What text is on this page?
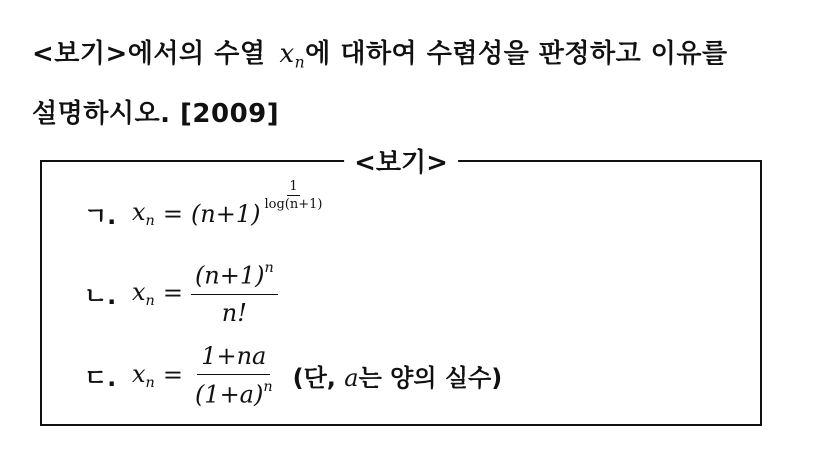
<보기>에서의 수열 $x_n$에 대하여 수렴성을 판정하고 이유를
설명하시오. [2009]
<보기>
ㄱ. $x_n = (n+1)$
$\frac{1}{\log(n+1)}$
ㄴ. $x_n = \frac{(n+1)^n}{n!}$
ㄷ. $x_n = \frac{1+na}{(1+a)^n}$ (단, a는 양의 실수)
